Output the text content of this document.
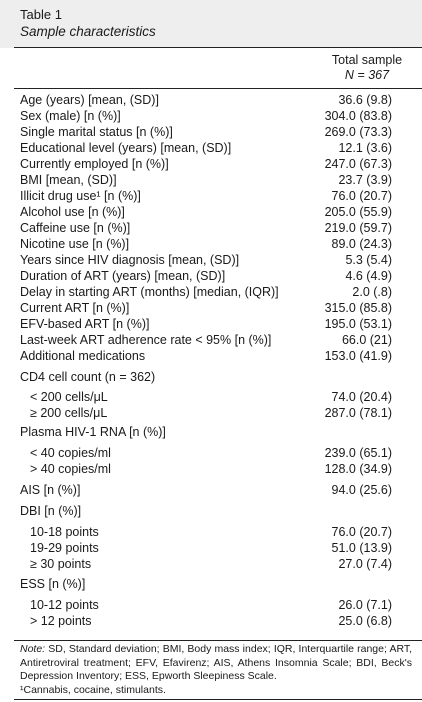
Table 1
Sample characteristics
Total sample
N = 367
Age (years) [mean, (SD)]	36.6 (9.8)
Sex (male) [n (%)]	304.0 (83.8)
Single marital status [n (%)]	269.0 (73.3)
Educational level (years) [mean, (SD)]	12.1 (3.6)
Currently employed [n (%)]	247.0 (67.3)
BMI [mean, (SD)]	23.7 (3.9)
Illicit drug use¹ [n (%)]	76.0 (20.7)
Alcohol use [n (%)]	205.0 (55.9)
Caffeine use [n (%)]	219.0 (59.7)
Nicotine use [n (%)]	89.0 (24.3)
Years since HIV diagnosis [mean, (SD)]	5.3 (5.4)
Duration of ART (years) [mean, (SD)]	4.6 (4.9)
Delay in starting ART (months) [median, (IQR)]	2.0 (.8)
Current ART [n (%)]	315.0 (85.8)
EFV-based ART [n (%)]	195.0 (53.1)
Last-week ART adherence rate < 95% [n (%)]	66.0 (21)
Additional medications	153.0 (41.9)
CD4 cell count (n = 362)
< 200 cells/μL	74.0 (20.4)
≥ 200 cells/μL	287.0 (78.1)
Plasma HIV-1 RNA [n (%)]
< 40 copies/ml	239.0 (65.1)
> 40 copies/ml	128.0 (34.9)
AIS [n (%)]	94.0 (25.6)
DBI [n (%)]
10-18 points	76.0 (20.7)
19-29 points	51.0 (13.9)
≥ 30 points	27.0 (7.4)
ESS [n (%)]
10-12 points	26.0 (7.1)
> 12 points	25.0 (6.8)
Note: SD, Standard deviation; BMI, Body mass index; IQR, Interquartile range; ART, Antiretroviral treatment; EFV, Efavirenz; AIS, Athens Insomnia Scale; BDI, Beck's Depression Inventory; ESS, Epworth Sleepiness Scale.
¹Cannabis, cocaine, stimulants.
